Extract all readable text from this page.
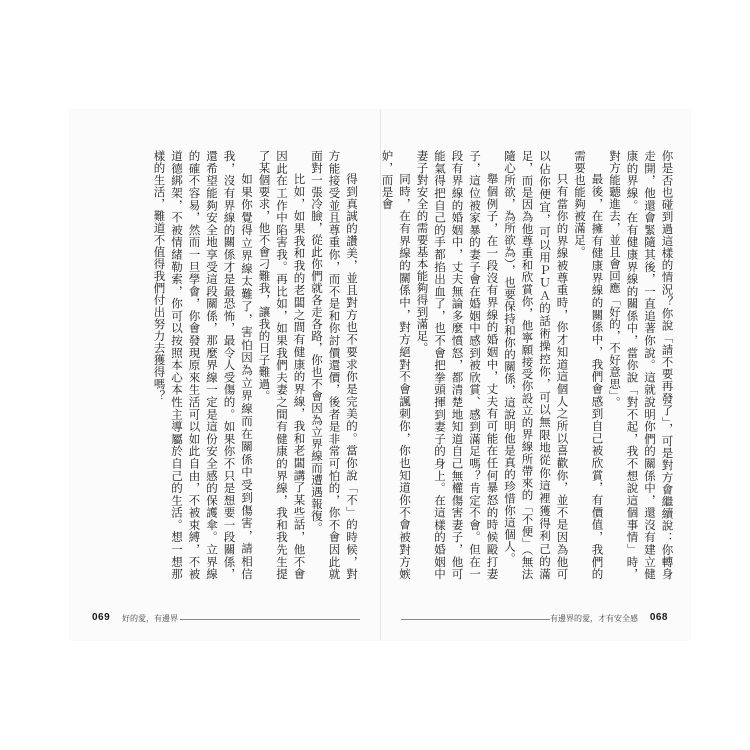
得到真誠的讚美，並且對方也不要求你是完美的。當你說「不」的時候，對方能接受並且尊重你，而不是和你討價還價，後者是非常可怕的，你不會因此就面對一張冷臉，從此你們就各走各路，你也不會因為立界線而遭遇報復。

比如，如果我和我的老闆之間有健康的界線，我和老闆講了某些話，他不會因此在工作中陷害我。再比如，如果我們夫妻之間有健康的界線，我和我先生提了某個要求，他不會刁難我，讓我的日子難過。

如果你覺得立界線太難了，害怕因為立界線而在關係中受到傷害，請相信我，沒有界線的關係才是最恐怖，最令人受傷的。如果你不只是想要一段關係，還希望能夠安全地享受這段關係，那麼界線一定是這份安全感的保護傘。立界線的確不容易，然而一旦學會，你會發現原來生活可以如此自由，不被束縛，不被道德綁架，不被情緒勒索，你可以按照本心本性主導屬於自己的生活。想一想那樣的生活，難道不值得我們付出努力去獲得嗎？

069 好的愛，有邊界

你是否也碰到過這樣的情況？你說「請不要再發了」，可是對方會繼續說：你轉身走開，他還會緊隨其後，一直追著你說。這就說明你們的關係中，還沒有建立健康的界線。在有健康界線的關係中，當你說「對不起，我不想說這個事情」時，對方能聽進去，並且會回應「好的，不好意思」。

最後，在擁有健康界線的關係中，我們會感到自己被欣賞，有價值，我們的需要也能夠被滿足。

只有當你的界線被尊重時，你才知道這個人之所以喜歡你，並不是因為他可以佔你便宜，可以用ＰＵＡ的話術操控你，可以無限地從你這裡獲得利己的滿足，而是因為他尊重和欣賞你，他寧願接受你設立的界線所帶來的「不便」（無法隨心所欲，為所欲為），也要保持和你的關係，這說明他是真的珍惜你這個人。

舉個例子，在一段沒有界線的婚姻中，丈夫有可能在任何暴怒的時候毆打妻子，這位被家暴的妻子會在婚姻中感到被欣賞、感到滿足嗎？肯定不會。但在一段有界線的婚姻中，丈夫無論多麼憤怒，都清楚地知道自己無權傷害妻子，他可能氣得把自己的手都掐出血了，也不會把拳頭揮到妻子的身上。在這樣的婚姻中妻子對安全的需要基本能夠得到滿足。

同時，在有界線的關係中，對方絕對不會諷刺你，你也知道你不會被對方嫉妒，而是會

有邊界的愛，才有安全感 068
